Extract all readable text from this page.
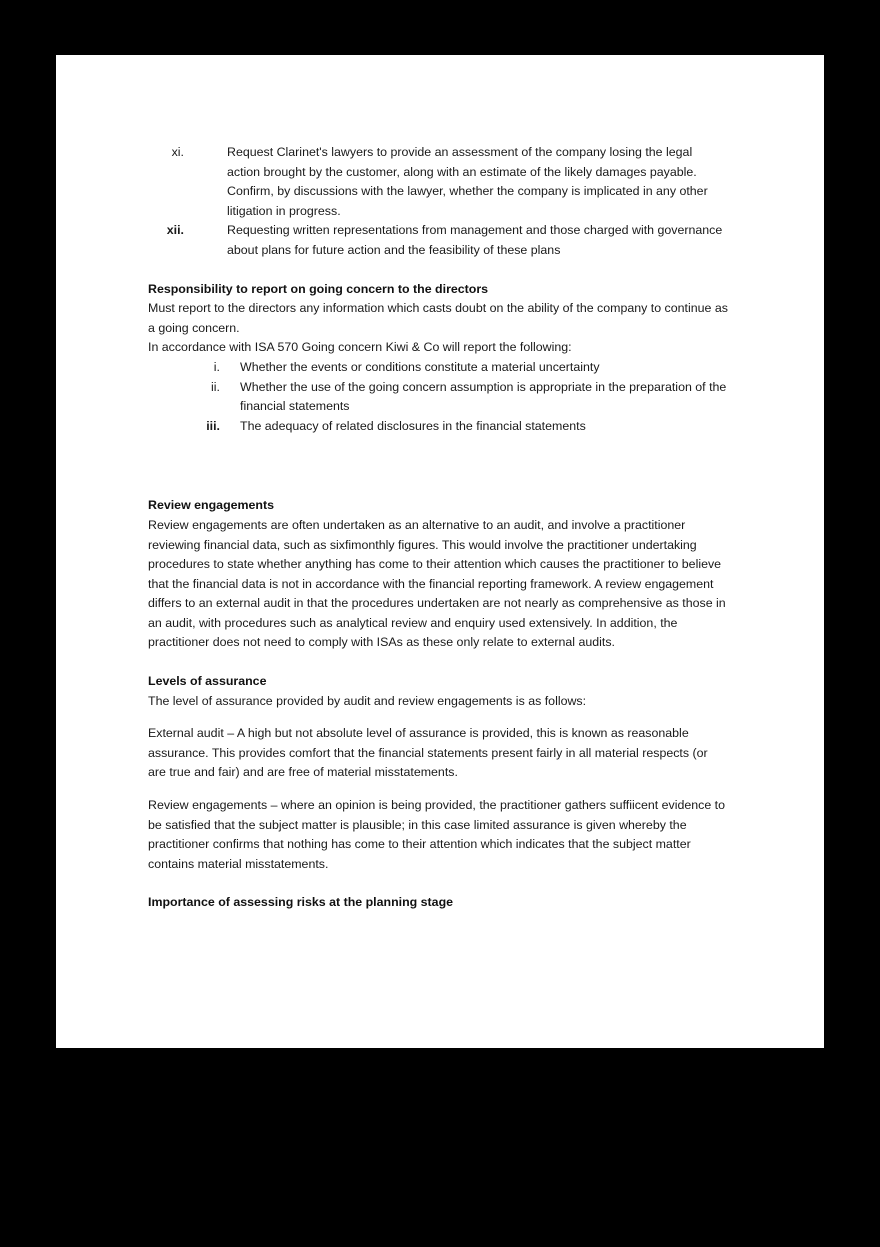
xi.	Request Clarinet's lawyers to provide an assessment of the company losing the legal action brought by the customer, along with an estimate of the likely damages payable. Confirm, by discussions with the lawyer, whether the company is implicated in any other litigation in progress.
xii.	Requesting written representations from management and those charged with governance about plans for future action and the feasibility of these plans
Responsibility to report on going concern to the directors

Must report to the directors any information which casts doubt on the ability of the company to continue as a going concern.

In accordance with ISA 570 Going concern Kiwi & Co will report the following:

i. Whether the events or conditions constitute a material uncertainty
ii. Whether the use of the going concern assumption is appropriate in the preparation of the financial statements
iii. The adequacy of related disclosures in the financial statements
Review engagements

Review engagements are often undertaken as an alternative to an audit, and involve a practitioner reviewing financial data, such as sixfimonthly figures. This would involve the practitioner undertaking procedures to state whether anything has come to their attention which causes the practitioner to believe that the financial data is not in accordance with the financial reporting framework. A review engagement differs to an external audit in that the procedures undertaken are not nearly as comprehensive as those in an audit, with procedures such as analytical review and enquiry used extensively. In addition, the practitioner does not need to comply with ISAs as these only relate to external audits.

Levels of assurance

The level of assurance provided by audit and review engagements is as follows:

External audit – A high but not absolute level of assurance is provided, this is known as reasonable assurance. This provides comfort that the financial statements present fairly in all material respects (or are true and fair) and are free of material misstatements.

Review engagements – where an opinion is being provided, the practitioner gathers suffiicent evidence to be satisfied that the subject matter is plausible; in this case limited assurance is given whereby the practitioner confirms that nothing has come to their attention which indicates that the subject matter contains material misstatements.

Importance of assessing risks at the planning stage
